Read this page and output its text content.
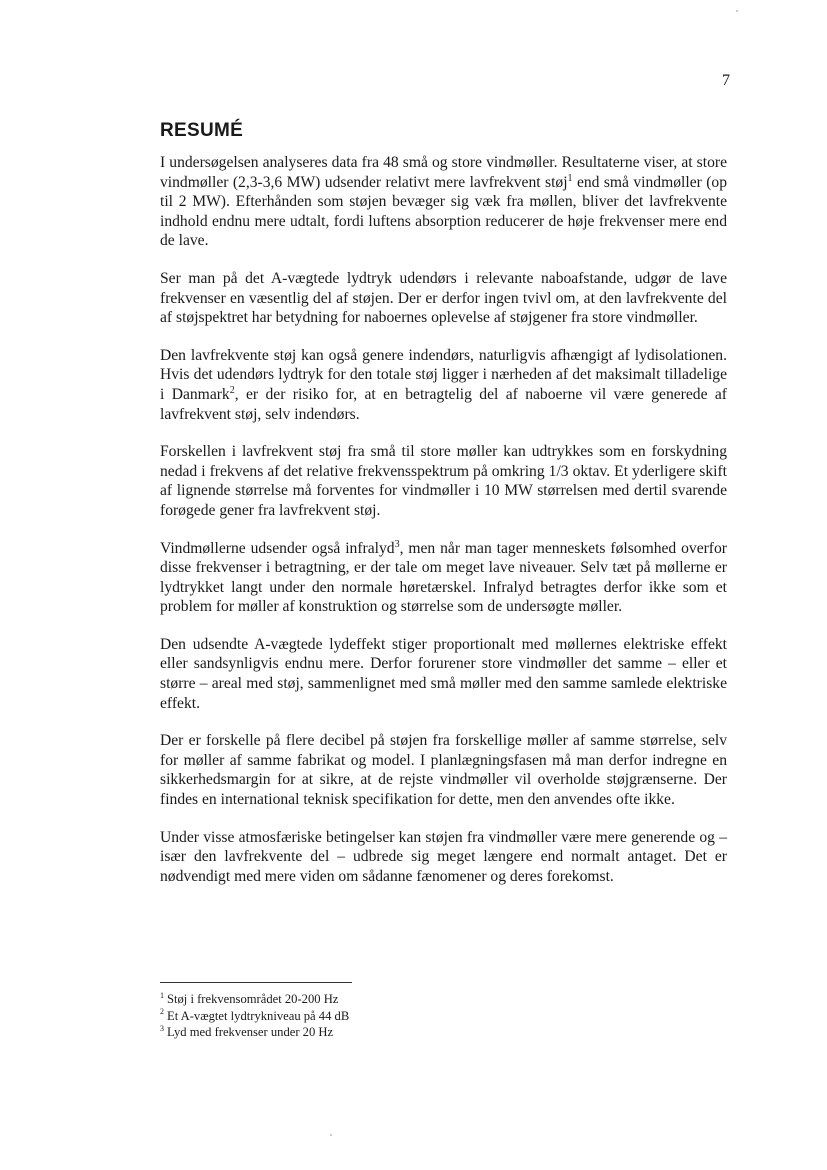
7
RESUMÉ

I undersøgelsen analyseres data fra 48 små og store vindmøller. Resultaterne viser, at store vindmøller (2,3-3,6 MW) udsender relativt mere lavfrekvent støj$^1$ end små vindmøller (op til 2 MW). Efterhånden som støjen bevæger sig væk fra møllen, bliver det lavfrekvente indhold endnu mere udtalt, fordi luftens absorption reducerer de høje frekvenser mere end de lave.

Ser man på det A-vægtede lydtryk udendørs i relevante naboafstande, udgør de lave frekvenser en væsentlig del af støjen. Der er derfor ingen tvivl om, at den lavfrekvente del af støjspektret har betydning for naboernes oplevelse af støjgener fra store vindmøller.

Den lavfrekvente støj kan også genere indendørs, naturligvis afhængigt af lydisolationen. Hvis det udendørs lydtryk for den totale støj ligger i nærheden af det maksimalt tilladelige i Danmark$^2$, er der risiko for, at en betragtelig del af naboerne vil være generede af lavfrekvent støj, selv indendørs.

Forskellen i lavfrekvent støj fra små til store møller kan udtrykkes som en forskydning nedad i frekvens af det relative frekvensspektrum på omkring 1/3 oktav. Et yderligere skift af lignende størrelse må forventes for vindmøller i 10 MW størrelsen med dertil svarende forøgede gener fra lavfrekvent støj.

Vindmøllerne udsender også infralyd$^3$, men når man tager menneskets følsomhed overfor disse frekvenser i betragtning, er der tale om meget lave niveauer. Selv tæt på møllerne er lydtrykket langt under den normale høretærskel. Infralyd betragtes derfor ikke som et problem for møller af konstruktion og størrelse som de undersøgte møller.

Den udsendte A-vægtede lydeffekt stiger proportionalt med møllernes elektriske effekt eller sandsynligvis endnu mere. Derfor forurener store vindmøller det samme – eller et større – areal med støj, sammenlignet med små møller med den samme samlede elektriske effekt.

Der er forskelle på flere decibel på støjen fra forskellige møller af samme størrelse, selv for møller af samme fabrikat og model. I planlægningsfasen må man derfor indregne en sikkerhedsmargin for at sikre, at de rejste vindmøller vil overholde støjgrænserne. Der findes en international teknisk specifikation for dette, men den anvendes ofte ikke.

Under visse atmosfæriske betingelser kan støjen fra vindmøller være mere generende og – især den lavfrekvente del – udbrede sig meget længere end normalt antaget. Det er nødvendigt med mere viden om sådanne fænomener og deres forekomst.

$^1$ Støj i frekvensområdet 20-200 Hz
$^2$ Et A-vægtet lydtrykniveau på 44 dB
$^3$ Lyd med frekvenser under 20 Hz
